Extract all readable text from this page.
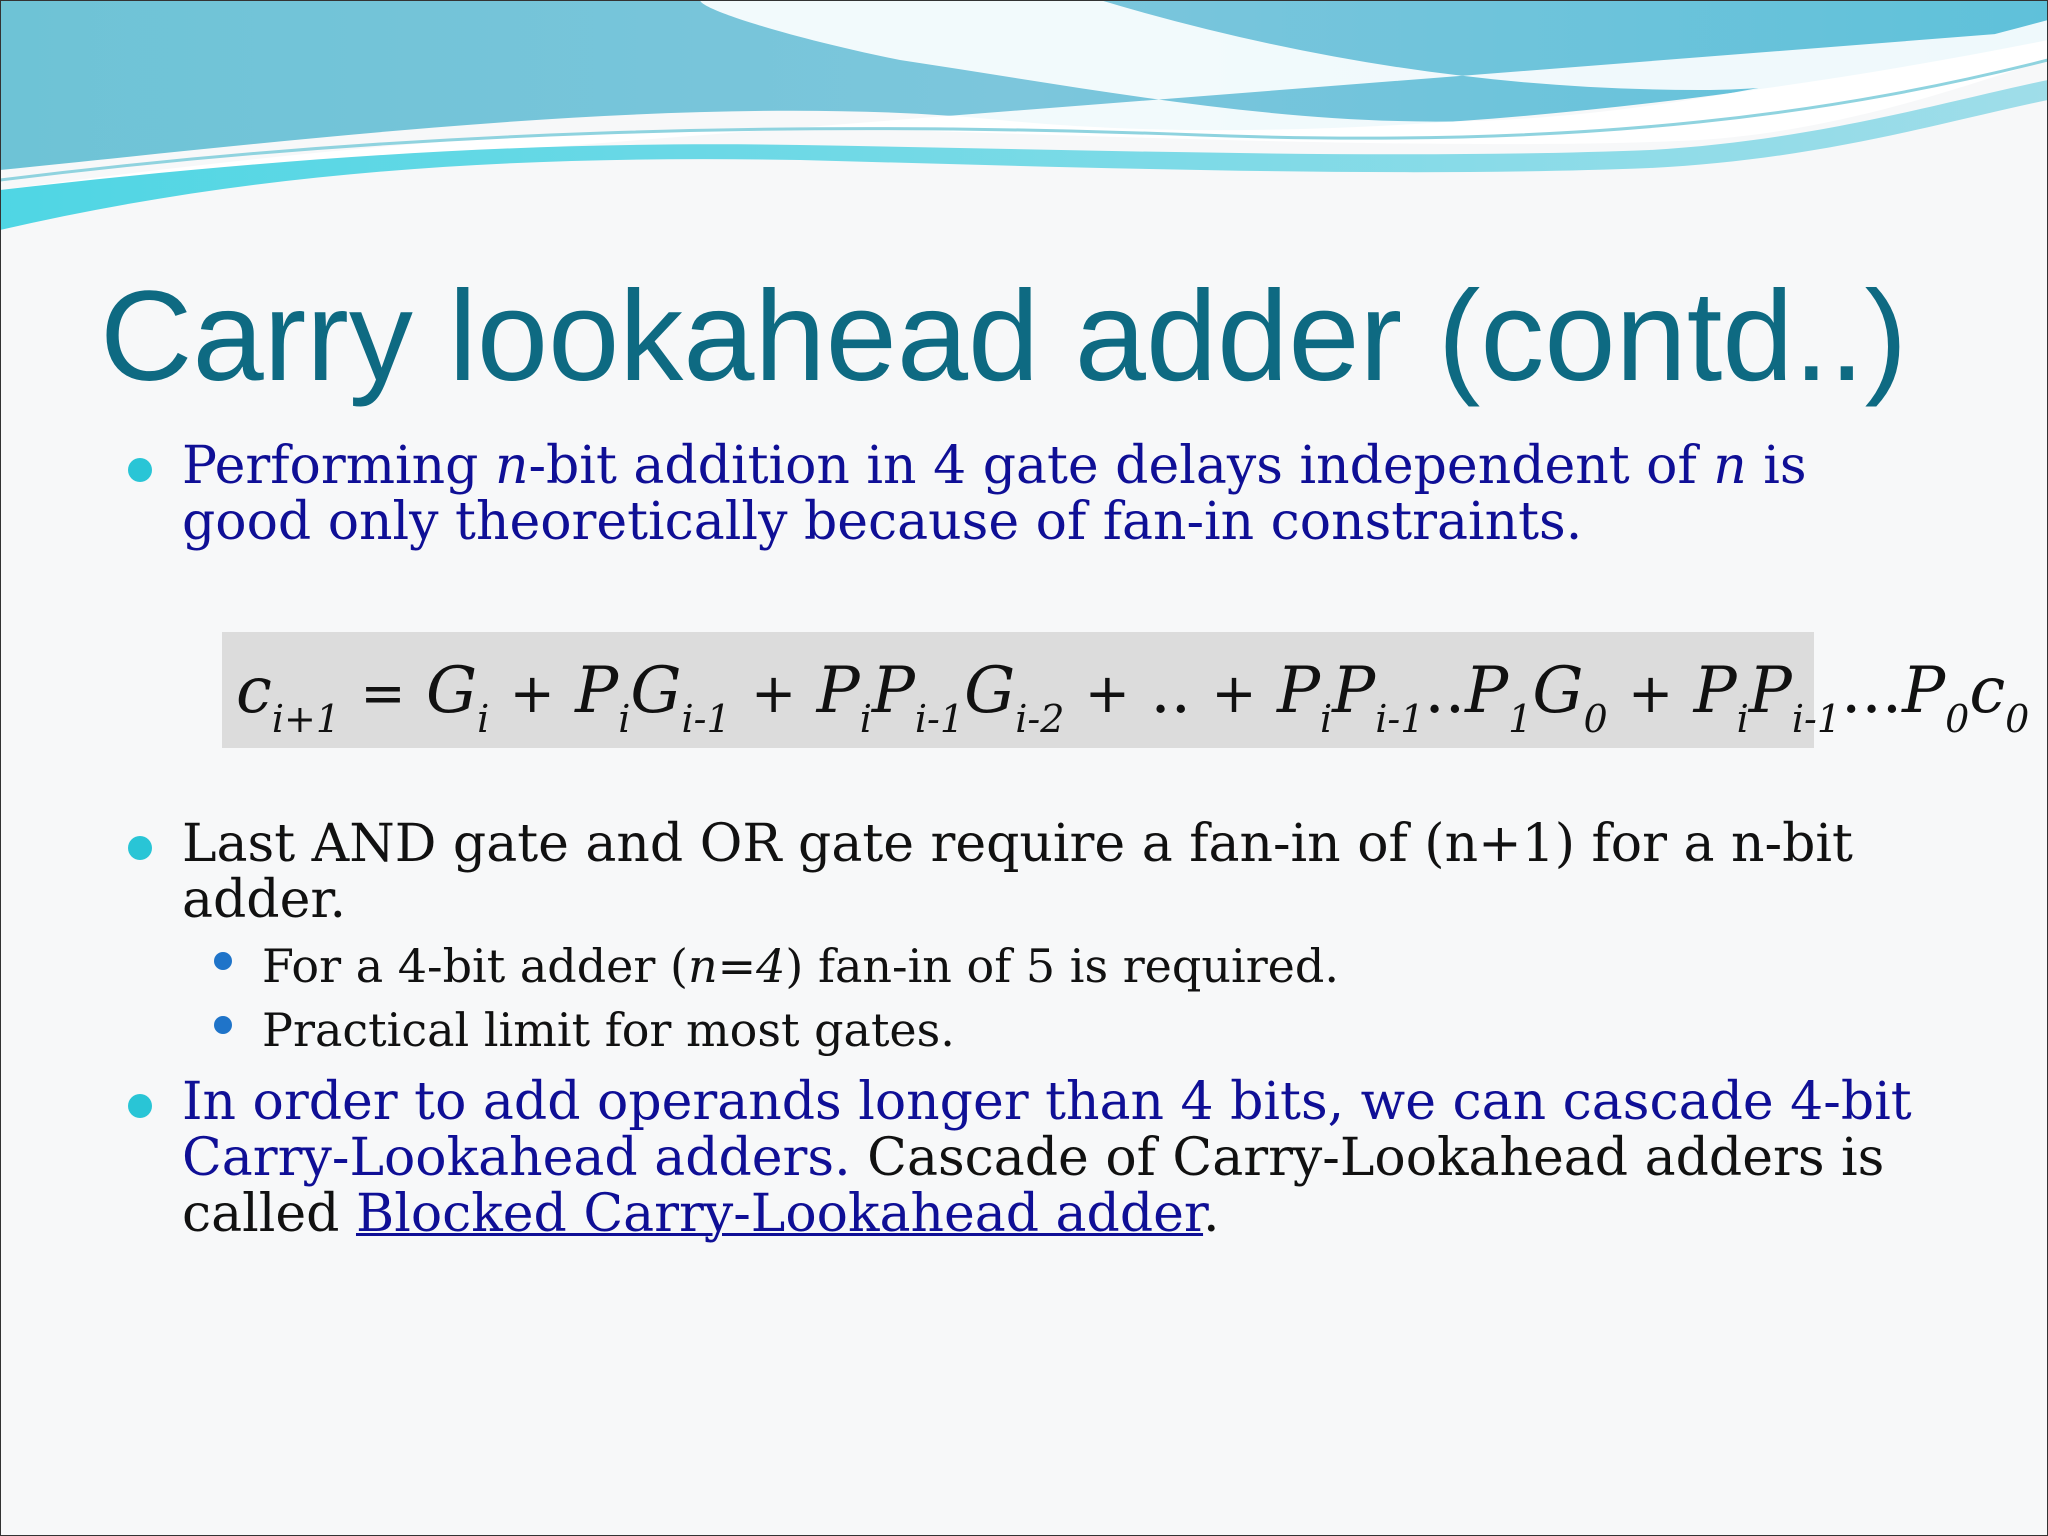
Carry lookahead adder (contd..)

Performing n-bit addition in 4 gate delays independent of n is good only theoretically because of fan-in constraints.

$c_{i+1} = G_i + P_iG_{i-1} + P_iP_{i-1}G_{i-2}$ + .. + $P_iP_{i-1}..P_1G_0 + P_iP_{i-1}...P_0c_0$

Last AND gate and OR gate require a fan-in of (n+1) for a n-bit adder.

For a 4-bit adder (n=4) fan-in of 5 is required.

Practical limit for most gates.

In order to add operands longer than 4 bits, we can cascade 4-bit Carry-Lookahead adders. Cascade of Carry-Lookahead adders is called Blocked Carry-Lookahead adder.
